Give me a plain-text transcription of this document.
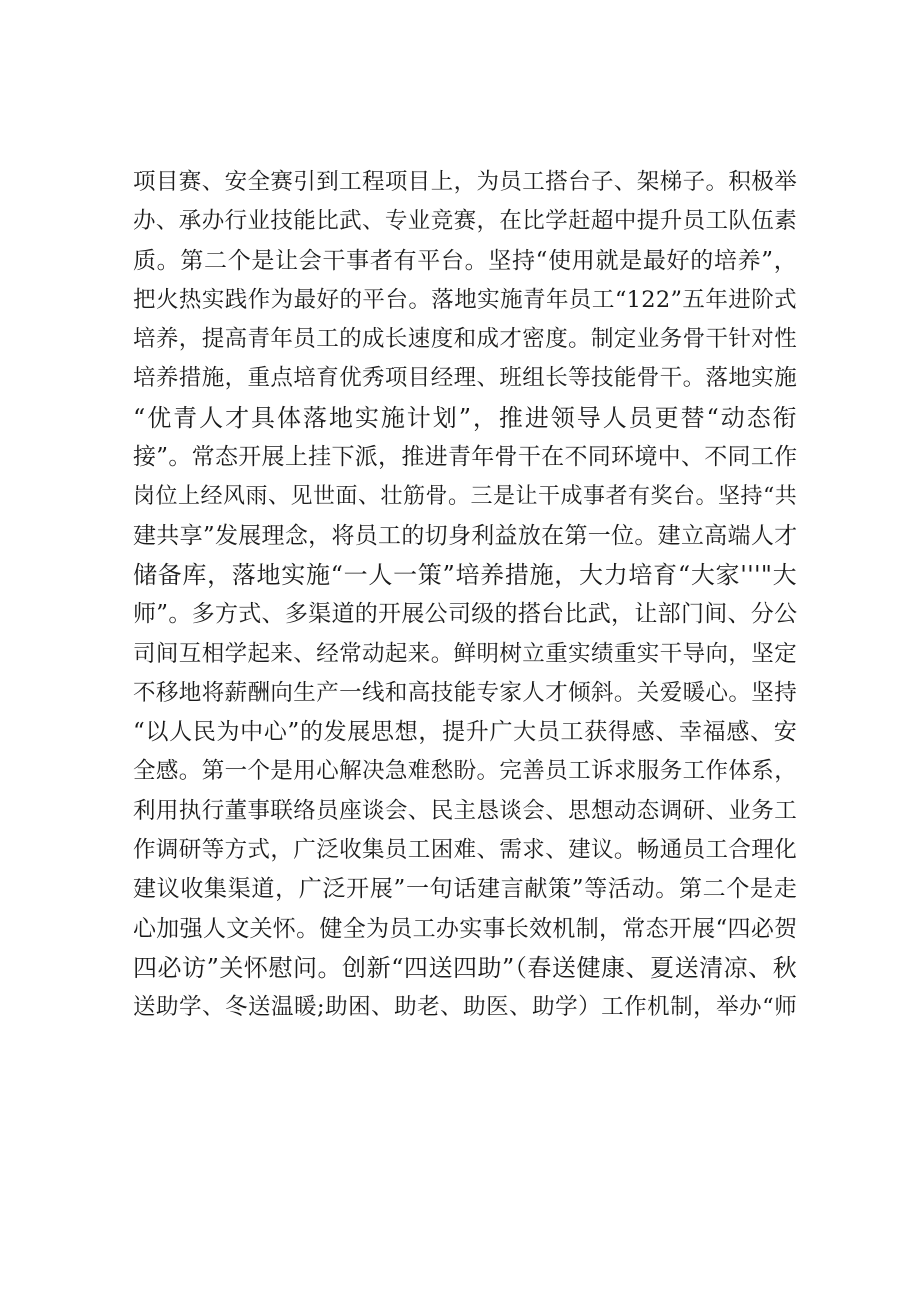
项目赛、安全赛引到工程项目上，为员工搭台子、架梯子。积极举
办、承办行业技能比武、专业竞赛，在比学赶超中提升员工队伍素
质。第二个是让会干事者有平台。坚持“使用就是最好的培养”，
把火热实践作为最好的平台。落地实施青年员工“122”五年进阶式
培养，提高青年员工的成长速度和成才密度。制定业务骨干针对性
培养措施，重点培育优秀项目经理、班组长等技能骨干。落地实施
“优青人才具体落地实施计划”，推进领导人员更替“动态衔
接”。常态开展上挂下派，推进青年骨干在不同环境中、不同工作
岗位上经风雨、见世面、壮筋骨。三是让干成事者有奖台。坚持“共
建共享”发展理念，将员工的切身利益放在第一位。建立高端人才
储备库，落地实施“一人一策”培养措施，大力培育“大家'''"大
师”。多方式、多渠道的开展公司级的搭台比武，让部门间、分公
司间互相学起来、经常动起来。鲜明树立重实绩重实干导向，坚定
不移地将薪酬向生产一线和高技能专家人才倾斜。关爱暖心。坚持
“以人民为中心”的发展思想，提升广大员工获得感、幸福感、安
全感。第一个是用心解决急难愁盼。完善员工诉求服务工作体系，
利用执行董事联络员座谈会、民主恳谈会、思想动态调研、业务工
作调研等方式，广泛收集员工困难、需求、建议。畅通员工合理化
建议收集渠道，广泛开展”一句话建言献策”等活动。第二个是走
心加强人文关怀。健全为员工办实事长效机制，常态开展“四必贺
四必访”关怀慰问。创新“四送四助”（春送健康、夏送清凉、秋
送助学、冬送温暖;助困、助老、助医、助学）工作机制，举办“师
